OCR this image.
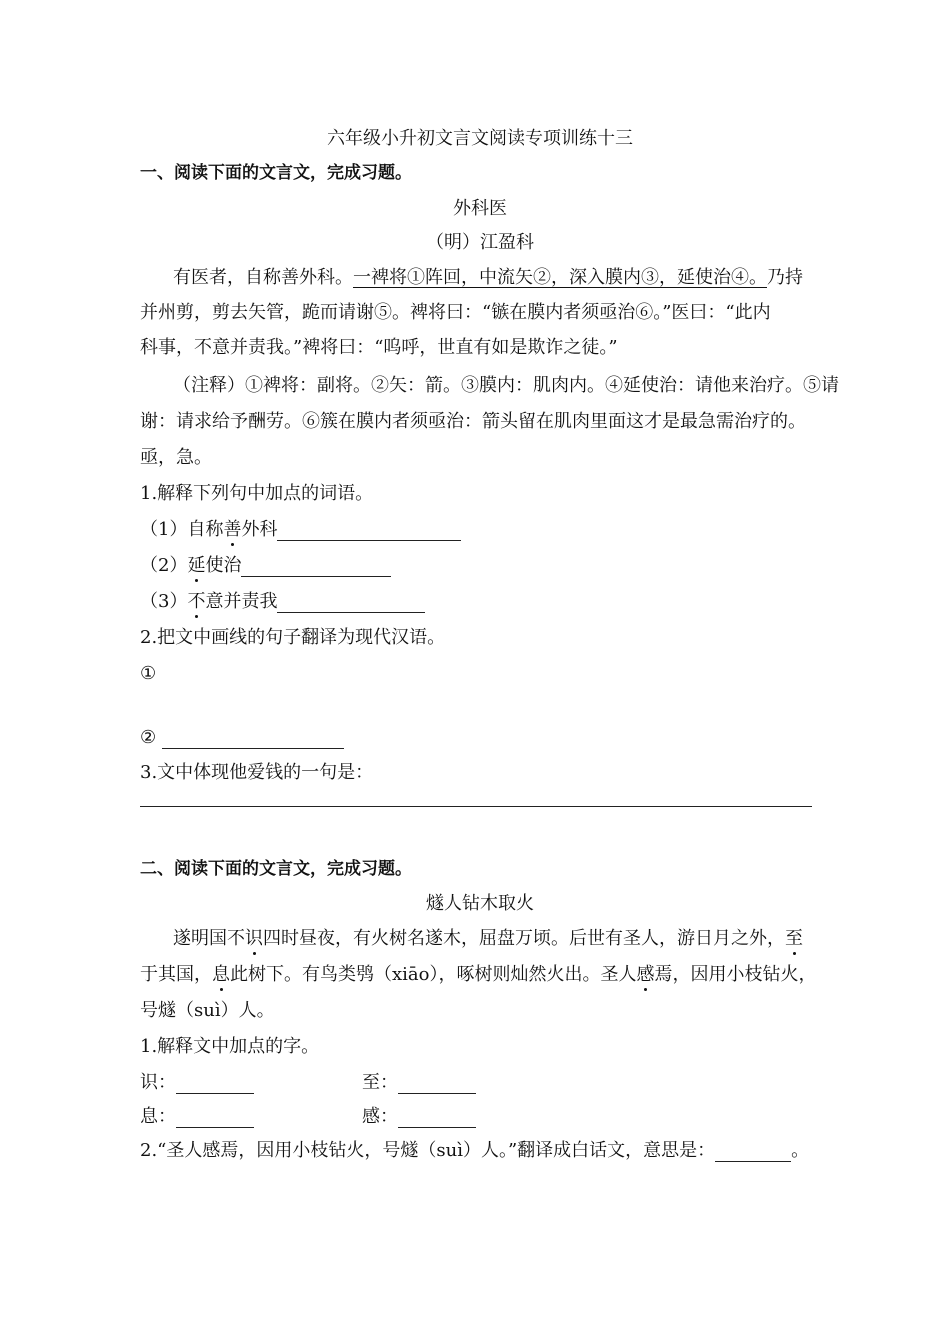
六年级小升初文言文阅读专项训练十三
一、阅读下面的文言文，完成习题。
外科医
（明）江盈科
有医者，自称善外科。一裨将①阵回，中流矢②，深入膜内③，延使治④。乃持
并州剪，剪去矢管，跪而请谢⑤。裨将曰：“镞在膜内者须亟治⑥。”医曰：“此内
科事，不意并责我。”裨将曰：“呜呼，世直有如是欺诈之徒。”
（注释）①裨将：副将。②矢：箭。③膜内：肌肉内。④延使治：请他来治疗。⑤请
谢：请求给予酬劳。⑥簇在膜内者须亟治：箭头留在肌肉里面这才是最急需治疗的。
亟，急。
1.解释下列句中加点的词语。
（1）自称善外科
（2）延使治
（3）不意并责我
2.把文中画线的句子翻译为现代汉语。
①
②
3.文中体现他爱钱的一句是：
二、阅读下面的文言文，完成习题。
燧人钻木取火
遂明国不识四时昼夜，有火树名遂木，屈盘万顷。后世有圣人，游日月之外，至
于其国，息此树下。有鸟类鸮（xiāo），啄树则灿然火出。圣人感焉，因用小枝钻火，
号燧（suì）人。
1.解释文中加点的字。
识：	至：
息：	感：
2.“圣人感焉，因用小枝钻火，号燧（suì）人。”翻译成白话文，意思是：	。
